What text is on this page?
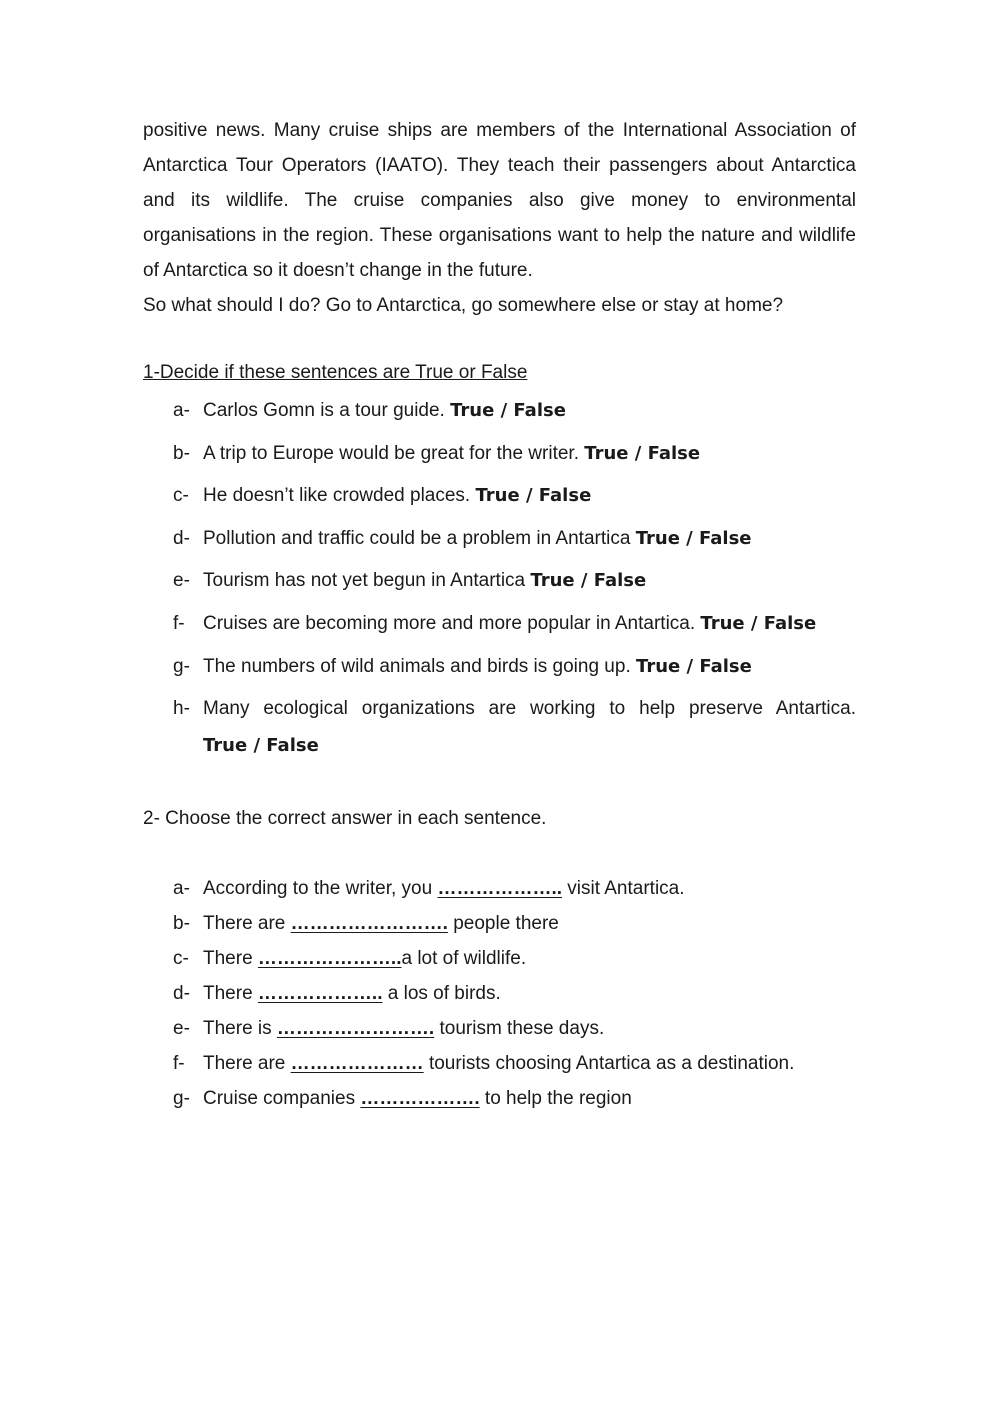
positive news. Many cruise ships are members of the International Association of Antarctica Tour Operators (IAATO). They teach their passengers about Antarctica and its wildlife. The cruise companies also give money to environmental organisations in the region. These organisations want to help the nature and wildlife of Antarctica so it doesn’t change in the future.

So what should I do? Go to Antarctica, go somewhere else or stay at home?

1-Decide if these sentences are True or False
a- Carlos Gomn is a tour guide. True / False
b- A trip to Europe would be great for the writer. True / False
c- He doesn’t like crowded places. True / False
d- Pollution and traffic could be a problem in Antartica True / False
e- Tourism has not yet begun in Antartica True / False
f- Cruises are becoming more and more popular in Antartica. True / False
g- The numbers of wild animals and birds is going up. True / False
h- Many ecological organizations are working to help preserve Antartica.
True / False
2- Choose the correct answer in each sentence.
a- According to the writer, you ……………….. visit Antartica.
b- There are ……………………. people there
c- There …………………..a lot of wildlife.
d- There ……………….. a los of birds.
e- There is ……………………. tourism these days.
f- There are ………………… tourists choosing Antartica as a destination.
g- Cruise companies ………………. to help the region
